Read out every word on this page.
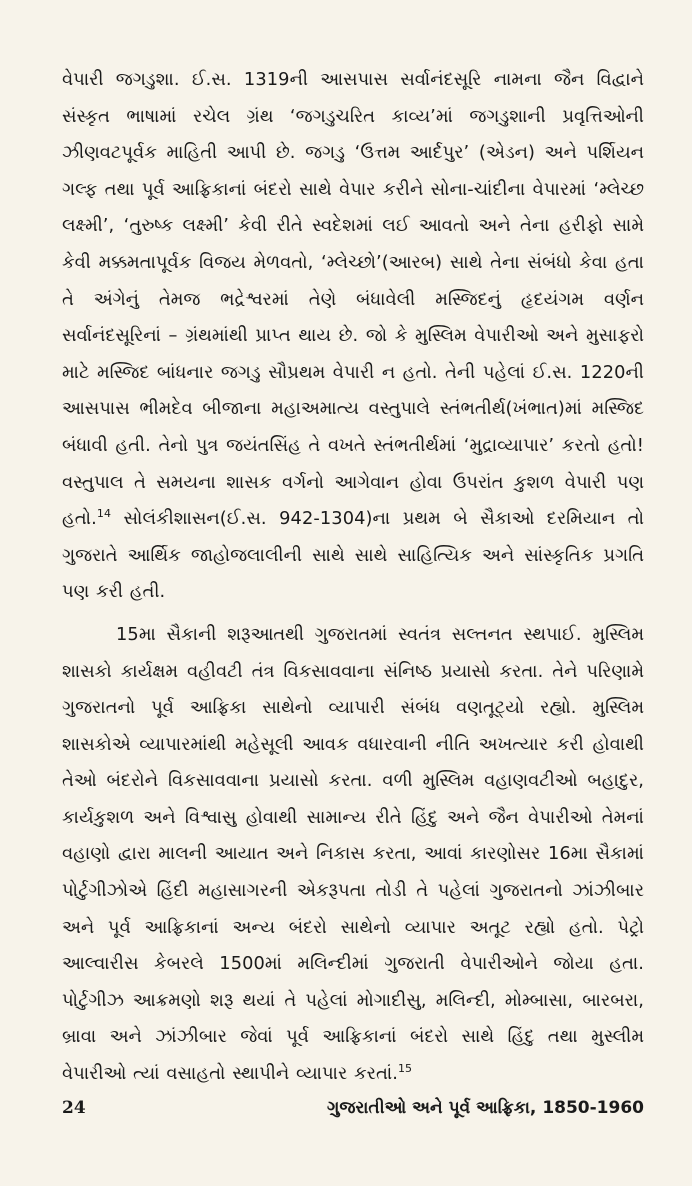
વેપારી જગડુશા. ઈ.સ. 1319ની આસપાસ સર્વાનંદસૂરિ નામના જૈન વિદ્વાને સંસ્કૃત ભાષામાં રચેલ ગ્રંથ ‘જગડુચરિત કાવ્ય’માં જગડુશાની પ્રવૃત્તિઓની ઝીણવટપૂર્વક માહિતી આપી છે. જગડુ ‘ઉત્તમ આર્દપુર’ (એડન) અને પર્શિયન ગલ્ફ તથા પૂર્વ આફ્રિકાનાં બંદરો સાથે વેપાર કરીને સોના-ચાંદીના વેપારમાં ‘મ્લેચ્છ લક્ષ્મી’, ‘તુરુષ્ક લક્ષ્મી’ કેવી રીતે સ્વદેશમાં લઈ આવતો અને તેના હરીફો સામે કેવી મક્કમતાપૂર્વક વિજય મેળવતો, ‘મ્લેચ્છો’(આરબ) સાથે તેના સંબંધો કેવા હતા તે અંગેનું તેમજ ભદ્રેશ્વરમાં તેણે બંધાવેલી મસ્જિદનું હૃદયંગમ વર્ણન સર્વાનંદસૂરિનાં – ગ્રંથમાંથી પ્રાપ્ત થાય છે. જો કે મુસ્લિમ વેપારીઓ અને મુસાફરો માટે મસ્જિદ બાંધનાર જગડુ સૌપ્રથમ વેપારી ન હતો. તેની પહેલાં ઈ.સ. 1220ની આસપાસ ભીમદેવ બીજાના મહાઅમાત્ય વસ્તુપાલે સ્તંભતીર્થ(ખંભાત)માં મસ્જિદ બંધાવી હતી. તેનો પુત્ર જયંતસિંહ તે વખતે સ્તંભતીર્થમાં ‘મુદ્રાવ્યાપાર’ કરતો હતો! વસ્તુપાલ તે સમયના શાસક વર્ગનો આગેવાન હોવા ઉપરાંત કુશળ વેપારી પણ હતો.$^{14}$ સોલંકીશાસન(ઈ.સ. 942-1304)ના પ્રથમ બે સૈકાઓ દરમિયાન તો ગુજરાતે આર્થિક જાહોજલાલીની સાથે સાથે સાહિત્યિક અને સાંસ્કૃતિક પ્રગતિ પણ કરી હતી.

15મા સૈકાની શરૂઆતથી ગુજરાતમાં સ્વતંત્ર સલ્તનત સ્થપાઈ. મુસ્લિમ શાસકો કાર્યક્ષમ વહીવટી તંત્ર વિકસાવવાના સંનિષ્ઠ પ્રયાસો કરતા. તેને પરિણામે ગુજરાતનો પૂર્વ આફ્રિકા સાથેનો વ્યાપારી સંબંધ વણતૂટ્યો રહ્યો. મુસ્લિમ શાસકોએ વ્યાપારમાંથી મહેસૂલી આવક વધારવાની નીતિ અખત્યાર કરી હોવાથી તેઓ બંદરોને વિકસાવવાના પ્રયાસો કરતા. વળી મુસ્લિમ વહાણવટીઓ બહાદુર, કાર્યકુશળ અને વિશ્વાસુ હોવાથી સામાન્ય રીતે હિંદુ અને જૈન વેપારીઓ તેમનાં વહાણો દ્વારા માલની આયાત અને નિકાસ કરતા, આવાં કારણોસર 16મા સૈકામાં પોર્ટુગીઝોએ હિંદી મહાસાગરની એકરૂપતા તોડી તે પહેલાં ગુજરાતનો ઝાંઝીબાર અને પૂર્વ આફ્રિકાનાં અન્ય બંદરો સાથેનો વ્યાપાર અતૂટ રહ્યો હતો. પેટ્રો આલ્વારીસ કેબરલે 1500માં મલિન્દીમાં ગુજરાતી વેપારીઓને જોયા હતા. પોર્ટુગીઝ આક્રમણો શરૂ થયાં તે પહેલાં મોગાદીસુ, મલિન્દી, મોમ્બાસા, બારબરા, બ્રાવા અને ઝાંઝીબાર જેવાં પૂર્વ આફ્રિકાનાં બંદરો સાથે હિંદુ તથા મુસ્લીમ વેપારીઓ ત્યાં વસાહતો સ્થાપીને વ્યાપાર કરતાં.$^{15}$

24	ગુજરાતીઓ અને પૂર્વ આફ્રિકા, 1850-1960
